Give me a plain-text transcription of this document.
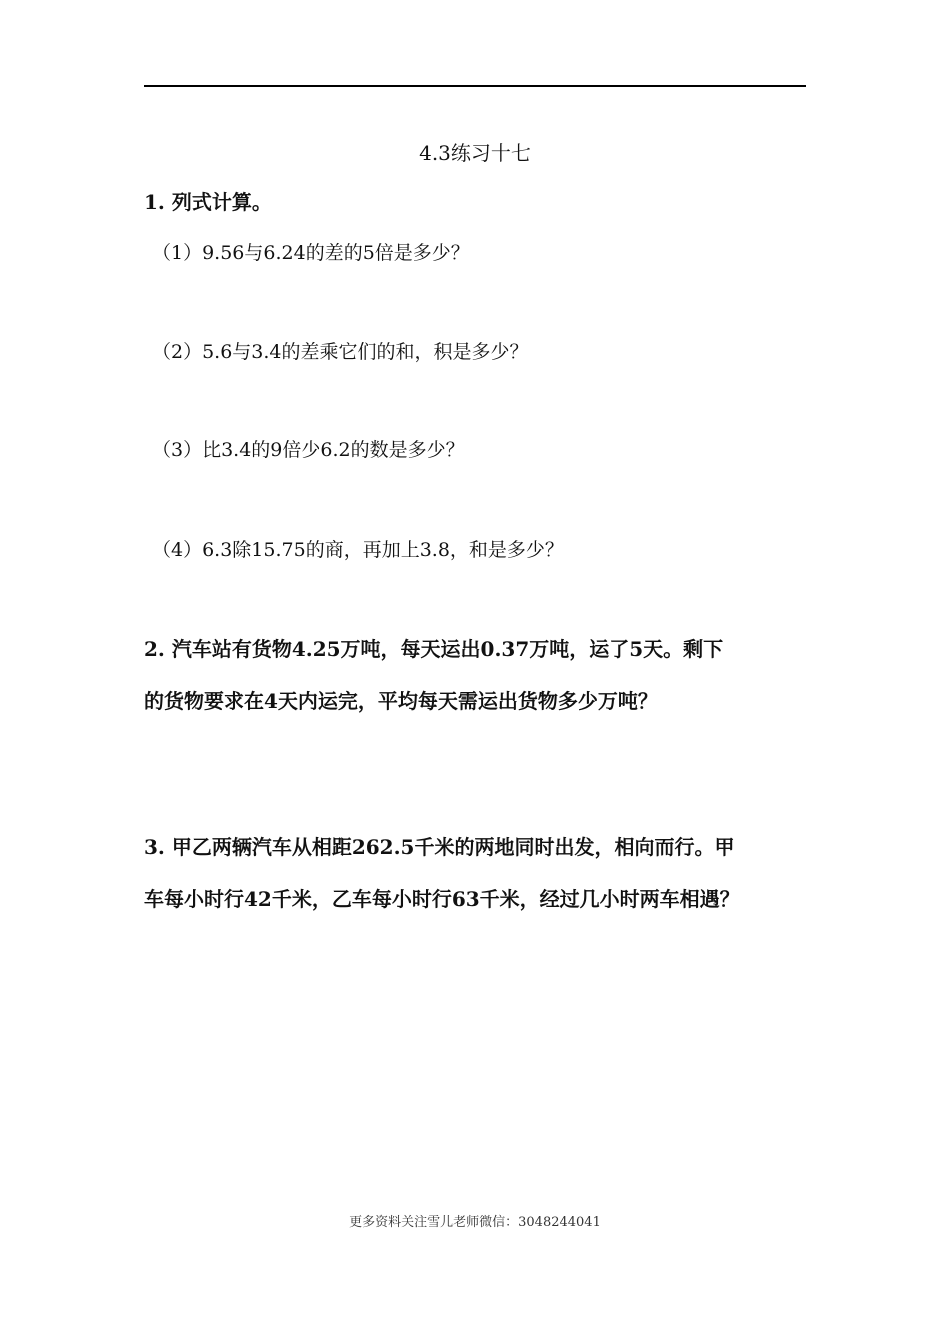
4.3练习十七
1. 列式计算。
（1）9.56与6.24的差的5倍是多少？
（2）5.6与3.4的差乘它们的和，积是多少？
（3）比3.4的9倍少6.2的数是多少？
（4）6.3除15.75的商，再加上3.8，和是多少？
2. 汽车站有货物4.25万吨，每天运出0.37万吨，运了5天。剩下
的货物要求在4天内运完，平均每天需运出货物多少万吨？
3. 甲乙两辆汽车从相距262.5千米的两地同时出发，相向而行。甲
车每小时行42千米，乙车每小时行63千米，经过几小时两车相遇？
更多资料关注雪儿老师微信：3048244041
